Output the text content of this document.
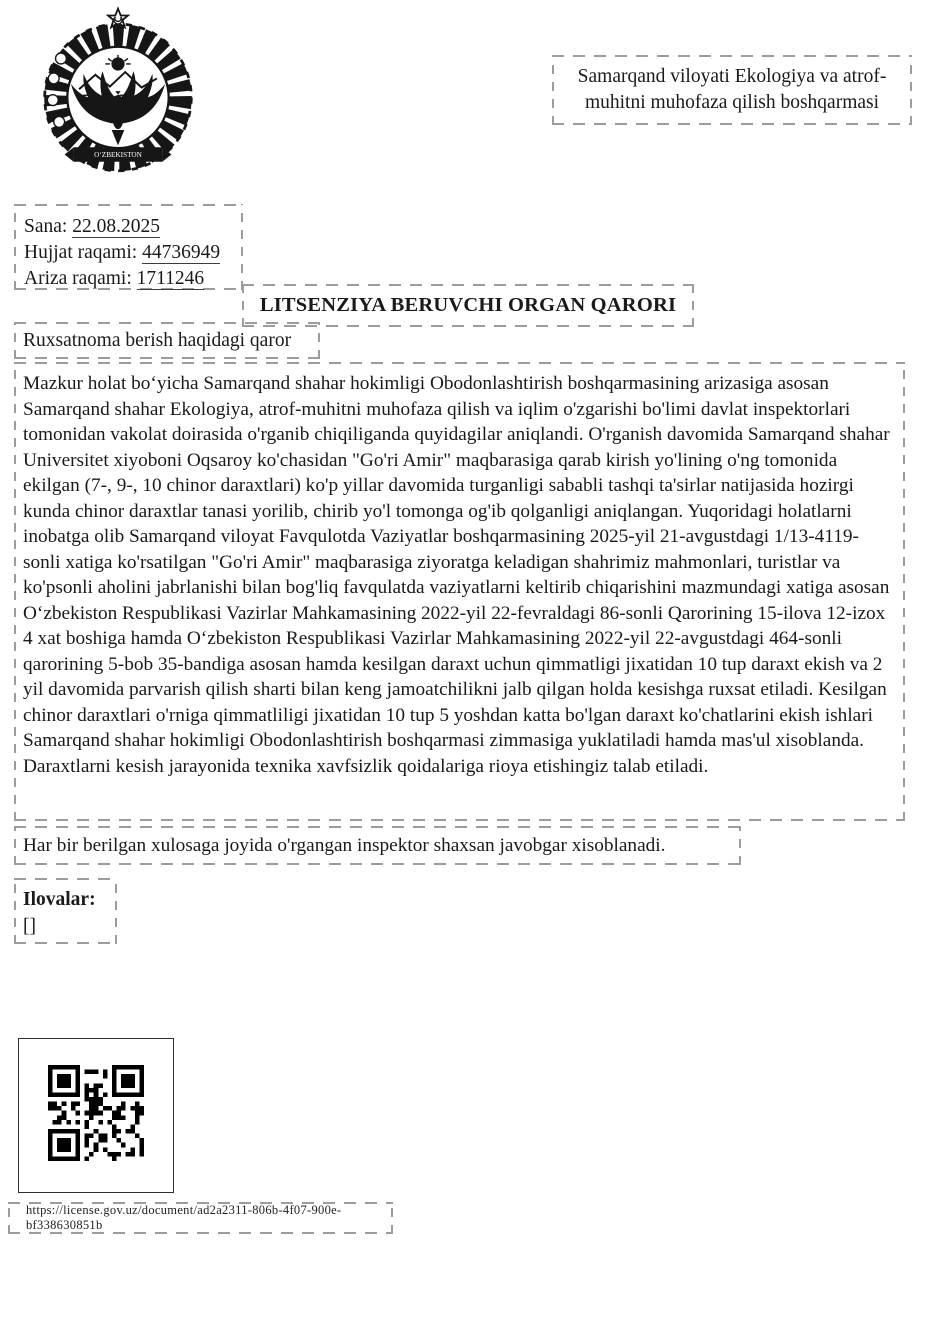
OʻZBEKISTON
Samarqand viloyati Ekologiya va atrof-muhitni muhofaza qilish boshqarmasi
Sana: 22.08.2025
Hujjat raqami: 44736949
Ariza raqami: 1711246
LITSENZIYA BERUVCHI ORGAN QARORI
Ruxsatnoma berish haqidagi qaror
Mazkur holat boʻyicha Samarqand shahar hokimligi Obodonlashtirish boshqarmasining arizasiga asosan Samarqand shahar Ekologiya, atrof-muhitni muhofaza qilish va iqlim o'zgarishi bo'limi davlat inspektorlari tomonidan vakolat doirasida o'rganib chiqiliganda quyidagilar aniqlandi. O'rganish davomida Samarqand shahar Universitet xiyoboni Oqsaroy ko'chasidan "Go'ri Amir" maqbarasiga qarab kirish yo'lining o'ng tomonida ekilgan (7-, 9-, 10 chinor daraxtlari) ko'p yillar davomida turganligi sababli tashqi ta'sirlar natijasida hozirgi kunda chinor daraxtlar tanasi yorilib, chirib yo'l tomonga og'ib qolganligi aniqlangan. Yuqoridagi holatlarni inobatga olib Samarqand viloyat Favqulotda Vaziyatlar boshqarmasining 2025-yil 21-avgustdagi 1/13-4119-sonli xatiga ko'rsatilgan "Go'ri Amir" maqbarasiga ziyoratga keladigan shahrimiz mahmonlari, turistlar va ko'psonli aholini jabrlanishi bilan bog'liq favqulatda vaziyatlarni keltirib chiqarishini mazmundagi xatiga asosan Oʻzbekiston Respublikasi Vazirlar Mahkamasining 2022-yil 22-fevraldagi 86-sonli Qarorining 15-ilova 12-izox 4 xat boshiga hamda Oʻzbekiston Respublikasi Vazirlar Mahkamasining 2022-yil 22-avgustdagi 464-sonli qarorining 5-bob 35-bandiga asosan hamda kesilgan daraxt uchun qimmatligi jixatidan 10 tup daraxt ekish va 2 yil davomida parvarish qilish sharti bilan keng jamoatchilikni jalb qilgan holda kesishga ruxsat etiladi. Kesilgan chinor daraxtlari o'rniga qimmatliligi jixatidan 10 tup 5 yoshdan katta bo'lgan daraxt ko'chatlarini ekish ishlari Samarqand shahar hokimligi Obodonlashtirish boshqarmasi zimmasiga yuklatiladi hamda mas'ul xisoblanda. Daraxtlarni kesish jarayonida texnika xavfsizlik qoidalariga rioya etishingiz talab etiladi.
Har bir berilgan xulosaga joyida o'rgangan inspektor shaxsan javobgar xisoblanadi.
Ilovalar:
[]
https://license.gov.uz/document/ad2a2311-806b-4f07-900e-bf338630851b
